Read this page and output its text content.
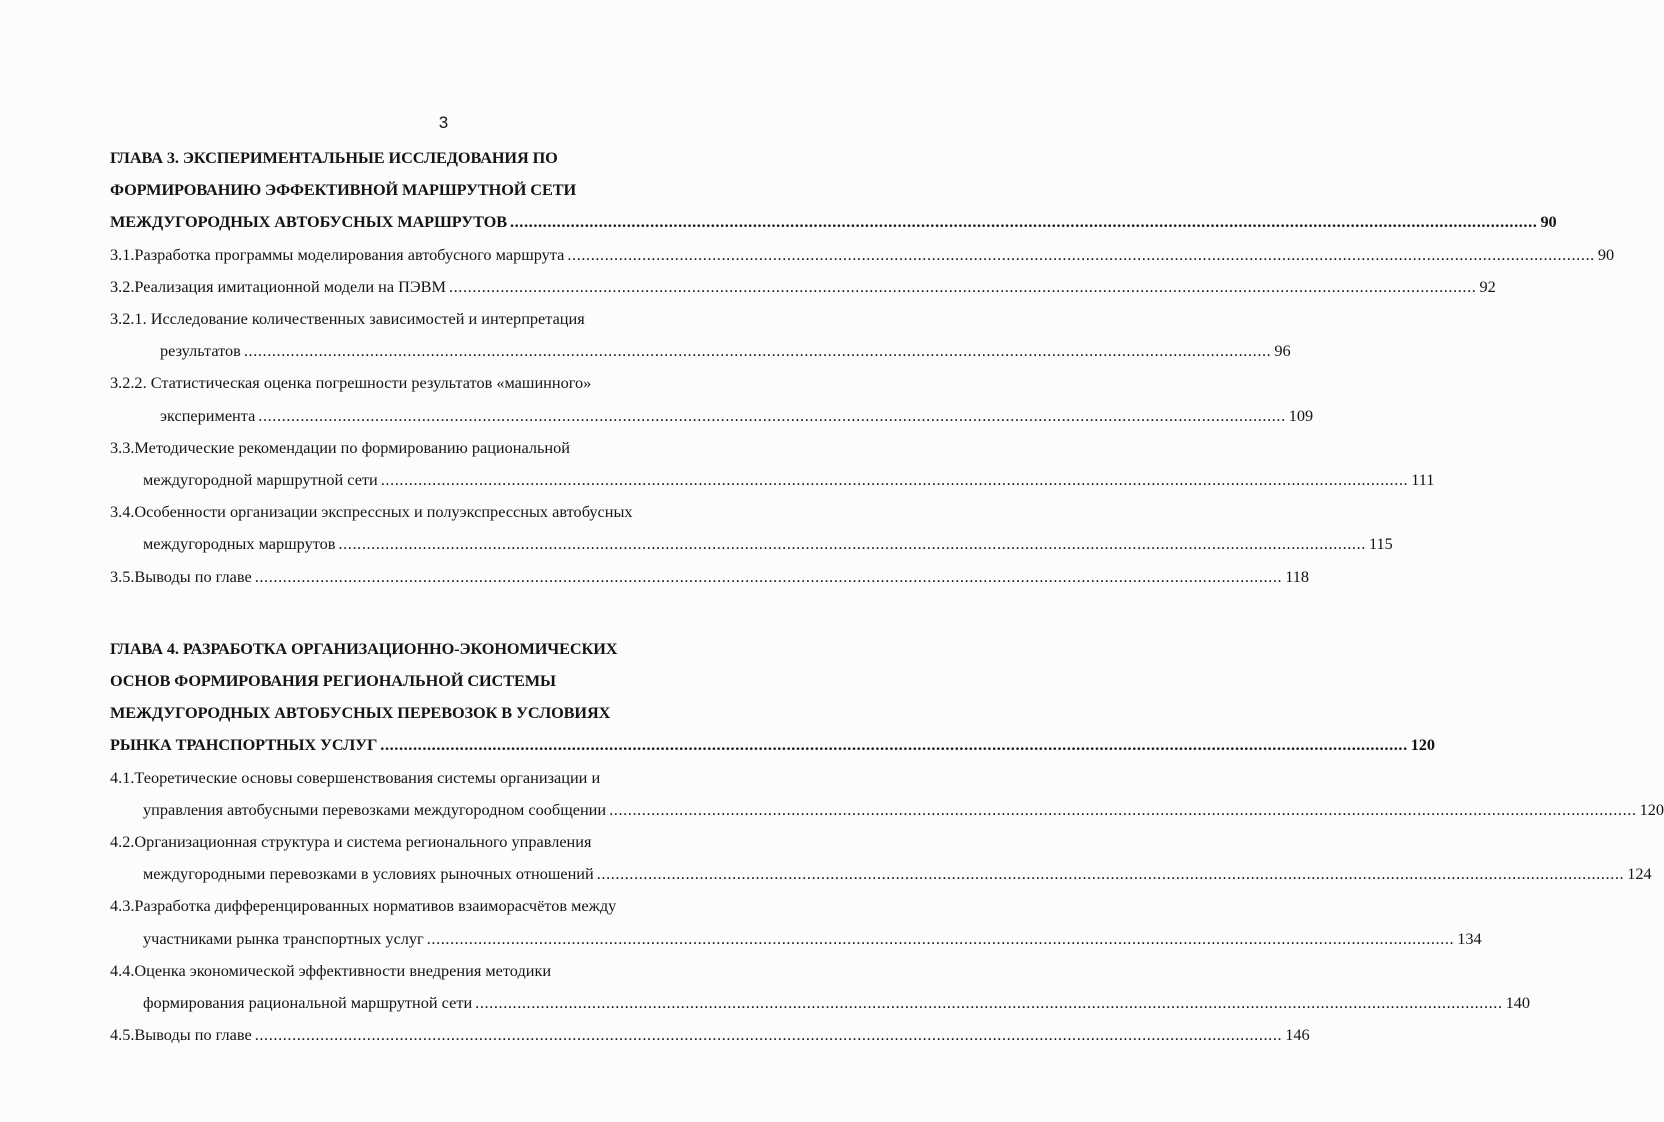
3
ГЛАВА 3. ЭКСПЕРИМЕНТАЛЬНЫЕ ИССЛЕДОВАНИЯ ПО
ФОРМИРОВАНИЮ ЭФФЕКТИВНОЙ МАРШРУТНОЙ СЕТИ
МЕЖДУГОРОДНЫХ АВТОБУСНЫХ МАРШРУТОВ ............................................................................................................................................................................................................................ 90
3.1.Разработка программы моделирования автобусного маршрута ............................................................................................................................................................................................................................ 90
3.2.Реализация имитационной модели на ПЭВМ ............................................................................................................................................................................................................................ 92
3.2.1. Исследование количественных зависимостей и интерпретация
результатов ............................................................................................................................................................................................................................ 96
3.2.2. Статистическая оценка погрешности результатов «машинного»
эксперимента ............................................................................................................................................................................................................................ 109
3.3.Методические рекомендации по формированию рациональной
междугородной маршрутной сети ............................................................................................................................................................................................................................ 111
3.4.Особенности организации экспрессных и полуэкспрессных автобусных
междугородных маршрутов ............................................................................................................................................................................................................................ 115
3.5.Выводы по главе ............................................................................................................................................................................................................................ 118
ГЛАВА 4. РАЗРАБОТКА ОРГАНИЗАЦИОННО-ЭКОНОМИЧЕСКИХ
ОСНОВ ФОРМИРОВАНИЯ РЕГИОНАЛЬНОЙ СИСТЕМЫ
МЕЖДУГОРОДНЫХ АВТОБУСНЫХ ПЕРЕВОЗОК В УСЛОВИЯХ
РЫНКА ТРАНСПОРТНЫХ УСЛУГ ............................................................................................................................................................................................................................ 120
4.1.Теоретические основы совершенствования системы организации и
управления автобусными перевозками междугородном сообщении ............................................................................................................................................................................................................................ 120
4.2.Организационная структура и система регионального управления
междугородными перевозками в условиях рыночных отношений ............................................................................................................................................................................................................................ 124
4.3.Разработка дифференцированных нормативов взаиморасчётов между
участниками рынка транспортных услуг ............................................................................................................................................................................................................................ 134
4.4.Оценка экономической эффективности внедрения методики
формирования рациональной маршрутной сети ............................................................................................................................................................................................................................ 140
4.5.Выводы по главе ............................................................................................................................................................................................................................ 146
